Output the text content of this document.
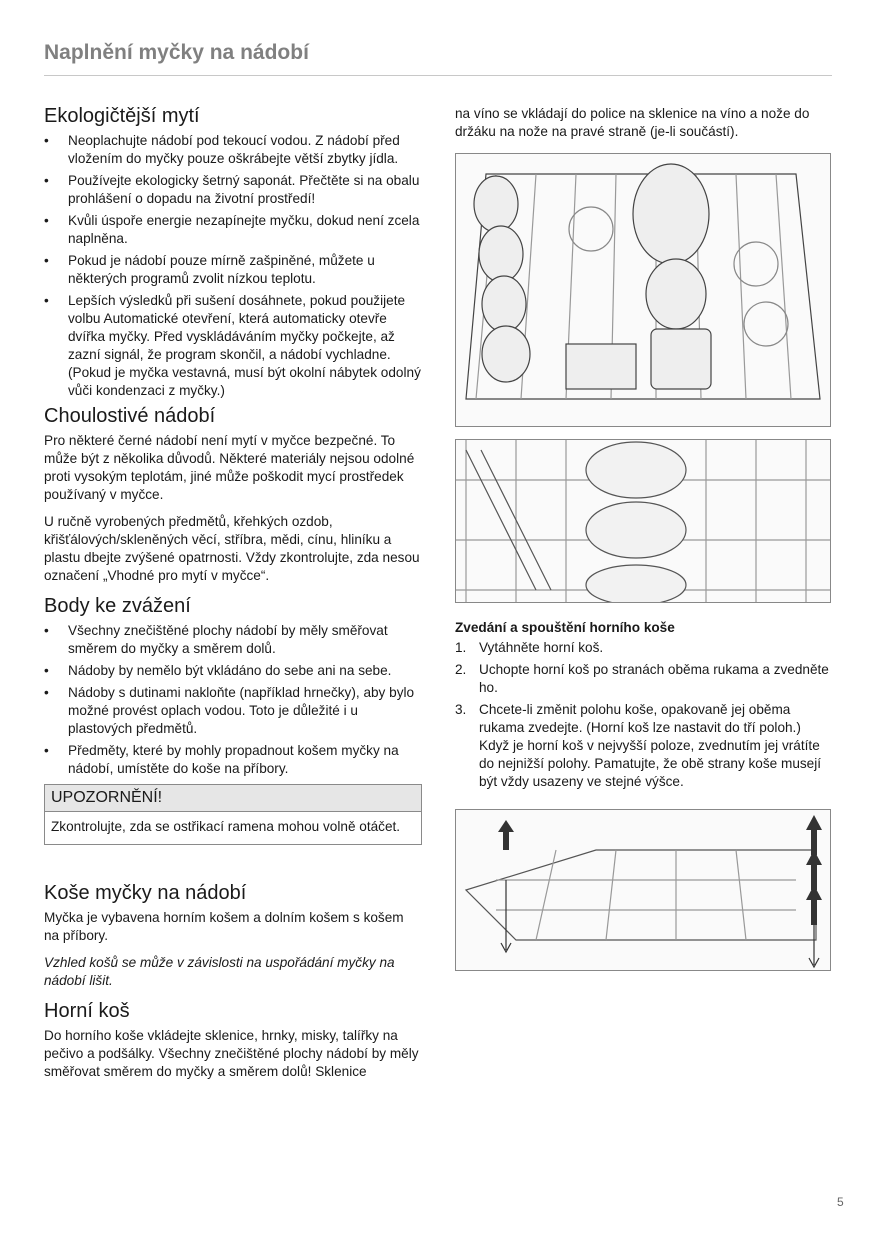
Naplnění myčky na nádobí
Ekologičtější mytí
• Neoplachujte nádobí pod tekoucí vodou. Z nádobí před vložením do myčky pouze oškrábejte větší zbytky jídla.
• Používejte ekologicky šetrný saponát. Přečtěte si na obalu prohlášení o dopadu na životní prostředí!
• Kvůli úspoře energie nezapínejte myčku, dokud není zcela naplněna.
• Pokud je nádobí pouze mírně zašpiněné, můžete u některých programů zvolit nízkou teplotu.
• Lepších výsledků při sušení dosáhnete, pokud použijete volbu Automatické otevření, která automaticky otevře dvířka myčky. Před vyskládáváním myčky počkejte, až zazní signál, že program skončil, a nádobí vychladne. (Pokud je myčka vestavná, musí být okolní nábytek odolný vůči kondenzaci z myčky.)
Choulostivé nádobí

Pro některé černé nádobí není mytí v myčce bezpečné. To může být z několika důvodů. Některé materiály nejsou odolné proti vysokým teplotám, jiné může poškodit mycí prostředek používaný v myčce.

U ručně vyrobených předmětů, křehkých ozdob, křišťálových/skleněných věcí, stříbra, mědi, cínu, hliníku a plastu dbejte zvýšené opatrnosti. Vždy zkontrolujte, zda nesou označení „Vhodné pro mytí v myčce“.

Body ke zvážení
• Všechny znečištěné plochy nádobí by měly směřovat směrem do myčky a směrem dolů.
• Nádoby by nemělo být vkládáno do sebe ani na sebe.
• Nádoby s dutinami nakloňte (například hrnečky), aby bylo možné provést oplach vodou. Toto je důležité i u plastových předmětů.
• Předměty, které by mohly propadnout košem myčky na nádobí, umístěte do koše na příbory.
UPOZORNĚNÍ!
Zkontrolujte, zda se ostřikací ramena mohou volně otáčet.
Koše myčky na nádobí

Myčka je vybavena horním košem a dolním košem s košem na příbory.

Vzhled košů se může v závislosti na uspořádání myčky na nádobí lišit.

Horní koš

Do horního koše vkládejte sklenice, hrnky, misky, talířky na pečivo a podšálky. Všechny znečištěné plochy nádobí by měly směřovat směrem do myčky a směrem dolů! Sklenice

na víno se vkládají do police na sklenice na víno a nože do držáku na nože na pravé straně (je-li součástí).

Zvedání a spouštění horního koše
1. Vytáhněte horní koš.
2. Uchopte horní koš po stranách oběma rukama a zvedněte ho.
3. Chcete-li změnit polohu koše, opakovaně jej oběma rukama zvedejte. (Horní koš lze nastavit do tří poloh.) Když je horní koš v nejvyšší poloze, zvednutím jej vrátíte do nejnižší polohy. Pamatujte, že obě strany koše musejí být vždy usazeny ve stejné výšce.
5
